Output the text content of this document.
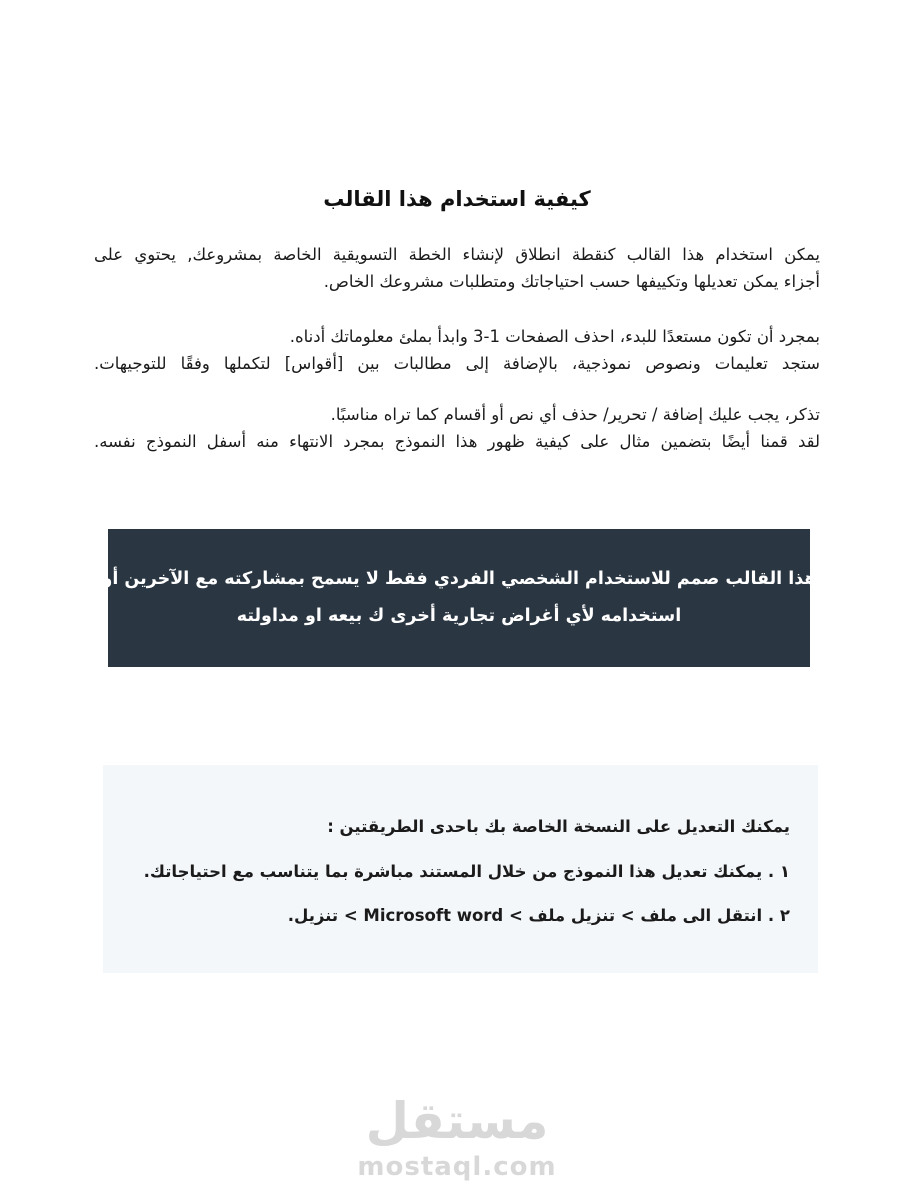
كيفية استخدام هذا القالب
يمكن استخدام هذا القالب كنقطة انطلاق لإنشاء الخطة التسويقية الخاصة بمشروعك, يحتوي على
أجزاء يمكن تعديلها وتكييفها حسب احتياجاتك ومتطلبات مشروعك الخاص.
بمجرد أن تكون مستعدًا للبدء، احذف الصفحات 1-3 وابدأ بملئ معلوماتك أدناه.
ستجد تعليمات ونصوص نموذجية، بالإضافة إلى مطالبات بين [أقواس] لتكملها وفقًا للتوجيهات.
تذكر، يجب عليك إضافة / تحرير/ حذف أي نص أو أقسام كما تراه مناسبًا.
لقد قمنا أيضًا بتضمين مثال على كيفية ظهور هذا النموذج بمجرد الانتهاء منه أسفل النموذج نفسه.
هذا القالب صمم للاستخدام الشخصي الفردي فقط لا يسمح بمشاركته مع الآخرين أو
استخدامه لأي أغراض تجارية أخرى ك بيعه او مداولته
يمكنك التعديل على النسخة الخاصة بك باحدى الطريقتين :
١ . يمكنك تعديل هذا النموذج من خلال المستند مباشرة بما يتناسب مع احتياجاتك.
٢ . انتقل الى ملف > تنزيل ملف > Microsoft word > تنزيل.
مستقل
mostaql.com
